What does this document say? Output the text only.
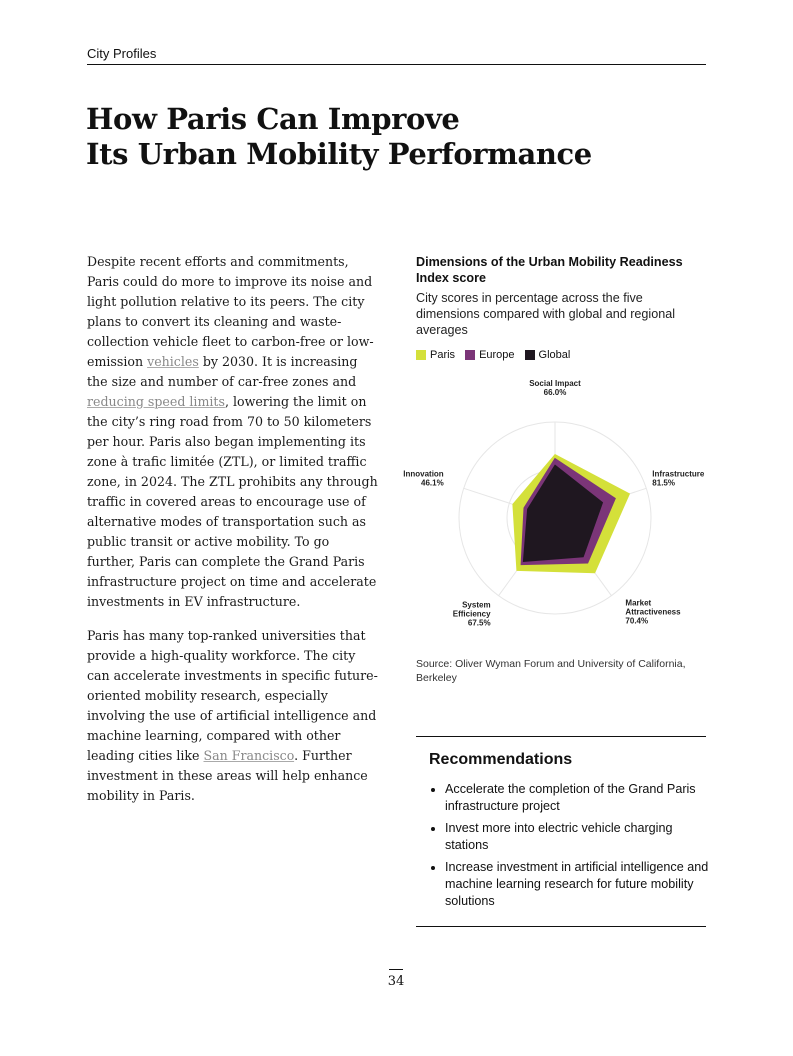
City Profiles
How Paris Can Improve
Its Urban Mobility Performance

Despite recent efforts and commitments, Paris could do more to improve its noise and light pollution relative to its peers. The city plans to convert its cleaning and waste-collection vehicle fleet to carbon-free or low-emission vehicles by 2030. It is increasing the size and number of car-free zones and reducing speed limits, lowering the limit on the city’s ring road from 70 to 50 kilometers per hour. Paris also began implementing its zone à trafic limitée (ZTL), or limited traffic zone, in 2024. The ZTL prohibits any through traffic in covered areas to encourage use of alternative modes of transportation such as public transit or active mobility. To go further, Paris can complete the Grand Paris infrastructure project on time and accelerate investments in EV infrastructure.

Paris has many top-ranked universities that provide a high-quality workforce. The city can accelerate investments in specific future-oriented mobility research, especially involving the use of artificial intelligence and machine learning, compared with other leading cities like San Francisco. Further investment in these areas will help enhance mobility in Paris.

Dimensions of the Urban Mobility Readiness Index score
City scores in percentage across the five dimensions compared with global and regional averages
Paris Europe Global
Social Impact 66.0%
Infrastructure 81.5%
Market Attractiveness 70.4%
System Efficiency 67.5%
Innovation 46.1%
Source: Oliver Wyman Forum and University of California, Berkeley
Recommendations
• Accelerate the completion of the Grand Paris infrastructure project
• Invest more into electric vehicle charging stations
• Increase investment in artificial intelligence and machine learning research for future mobility solutions
34
